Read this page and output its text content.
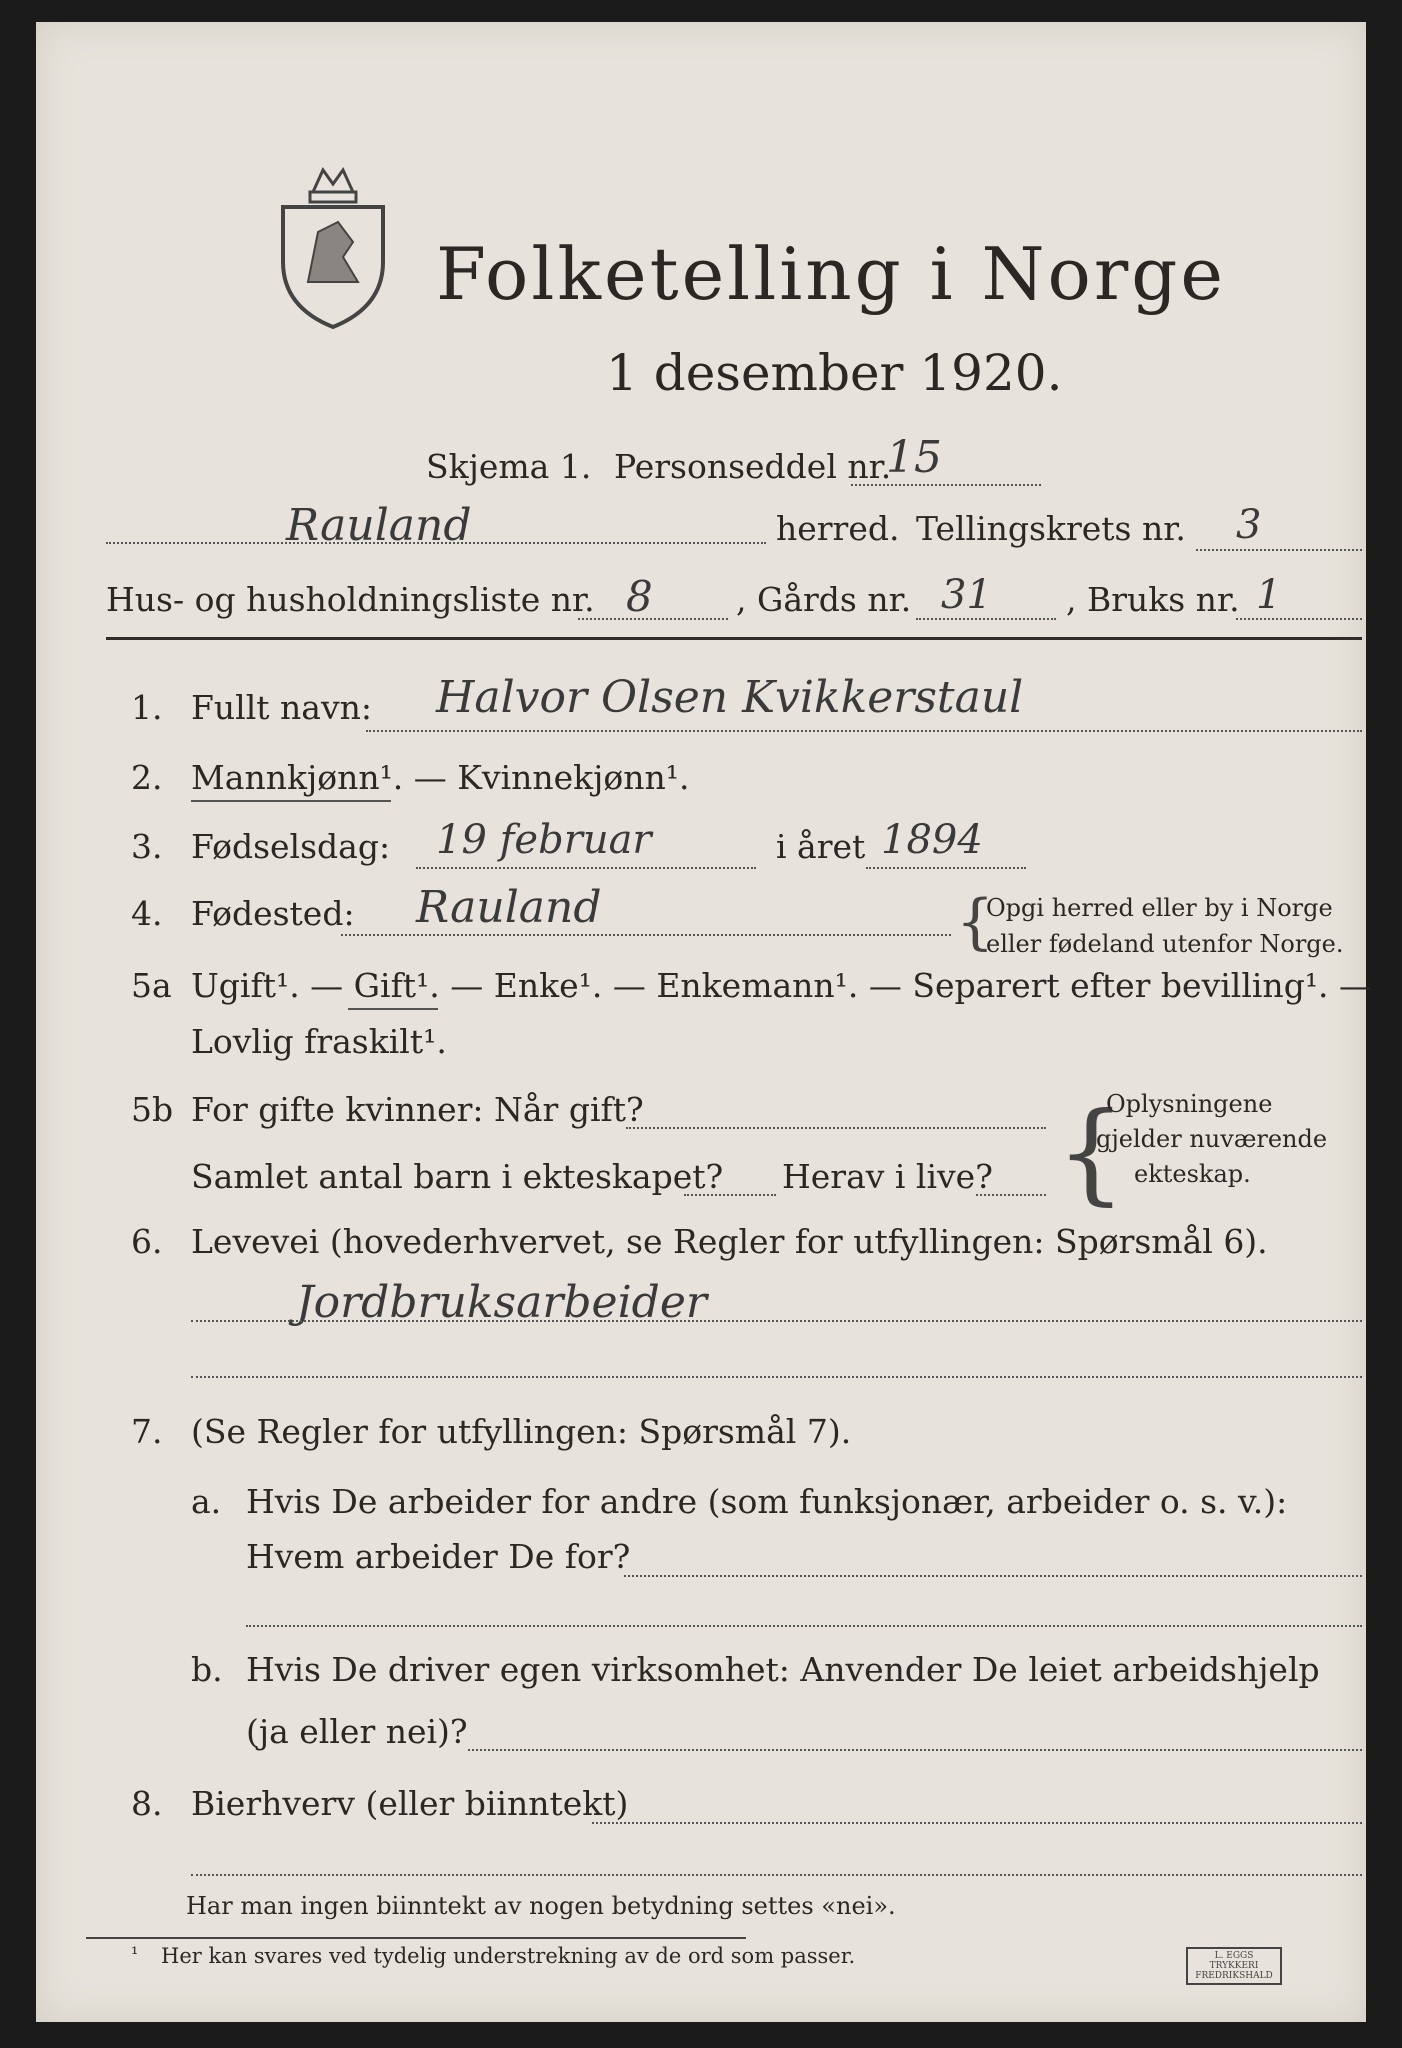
Folketelling i Norge
1 desember 1920.
Skjema 1. Personseddel nr.
15
Rauland	herred. Tellingskrets nr. 3
Hus- og husholdningsliste nr. 8	, Gårds nr. 31 , Bruks nr. 1
1. Fullt navn: Halvor Olsen Kvikkerstaul
2. Mannkjønn¹. — Kvinnekjønn¹.
3. Fødselsdag: 19 februar	i året 1894
4. Fødested: Rauland	{
Opgi herred eller by i Norge
eller fødeland utenfor Norge.
5a Ugift¹. — Gift¹. — Enke¹. — Enkemann¹. — Separert efter bevilling¹. —
Lovlig fraskilt¹.
5b For gifte kvinner: Når gift?
Samlet antal barn i ekteskapet? Herav i live? {
Oplysningene
gjelder nuværende
ekteskap.
6. Levevei (hovederhvervet, se Regler for utfyllingen: Spørsmål 6).
Jordbruksarbeider
7. (Se Regler for utfyllingen: Spørsmål 7).
a. Hvis De arbeider for andre (som funksjonær, arbeider o. s. v.):
Hvem arbeider De for?
b. Hvis De driver egen virksomhet: Anvender De leiet arbeidshjelp
(ja eller nei)?
8. Bierhverv (eller biinntekt)
Har man ingen biinntekt av nogen betydning settes «nei».
¹ Her kan svares ved tydelig understrekning av de ord som passer.	L. EGGS TRYKKERI FREDRIKSHALD
